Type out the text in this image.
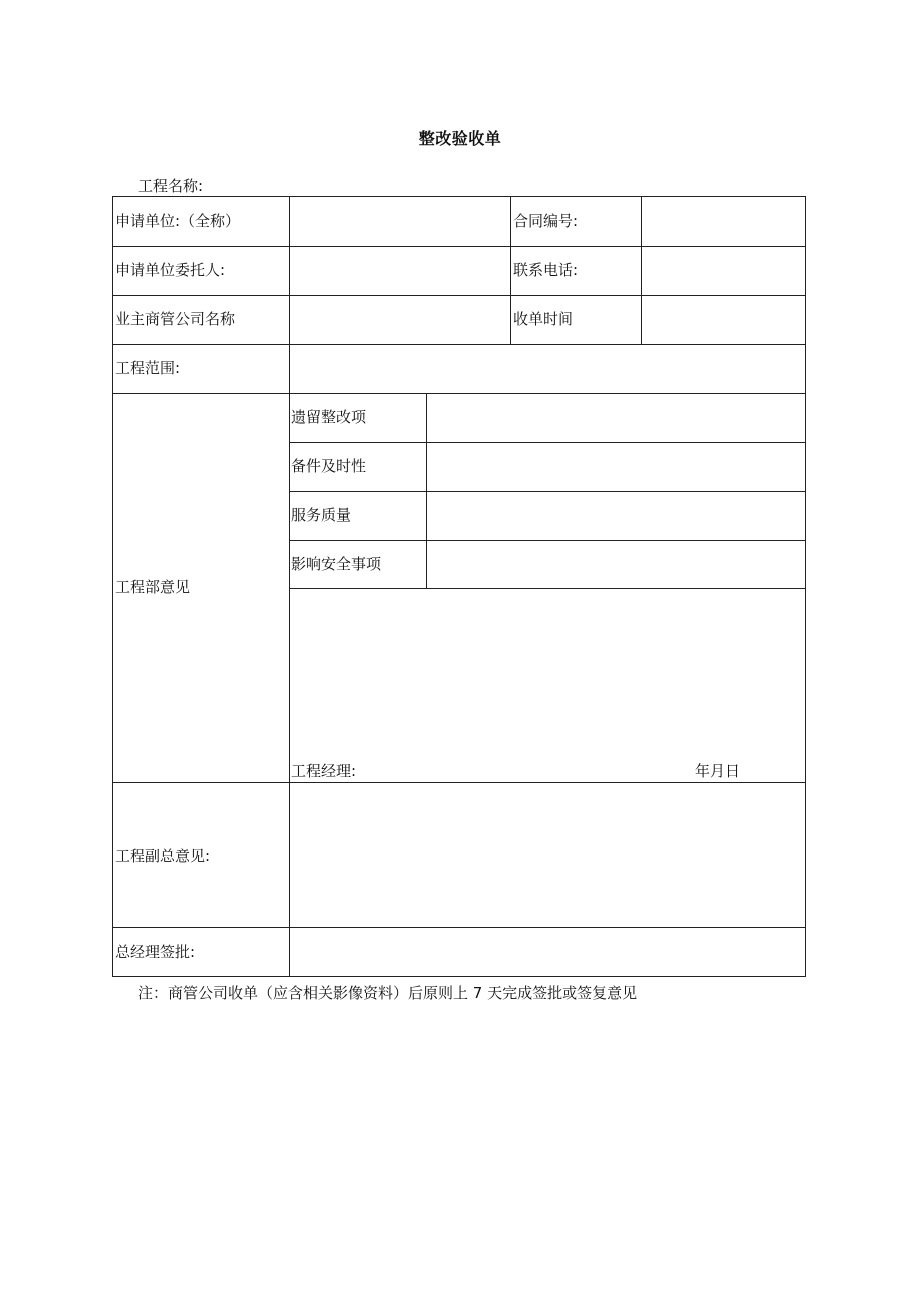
整改验收单
工程名称:
申请单位:（全称）	合同编号:
申请单位委托人:	联系电话:
业主商管公司名称	收单时间
工程范围:
工程部意见
遗留整改项
备件及时性
服务质量
影响安全事项
工程经理:	年月日
工程副总意见:
总经理签批:
注：商管公司收单（应含相关影像资料）后原则上 7 天完成签批或签复意见
